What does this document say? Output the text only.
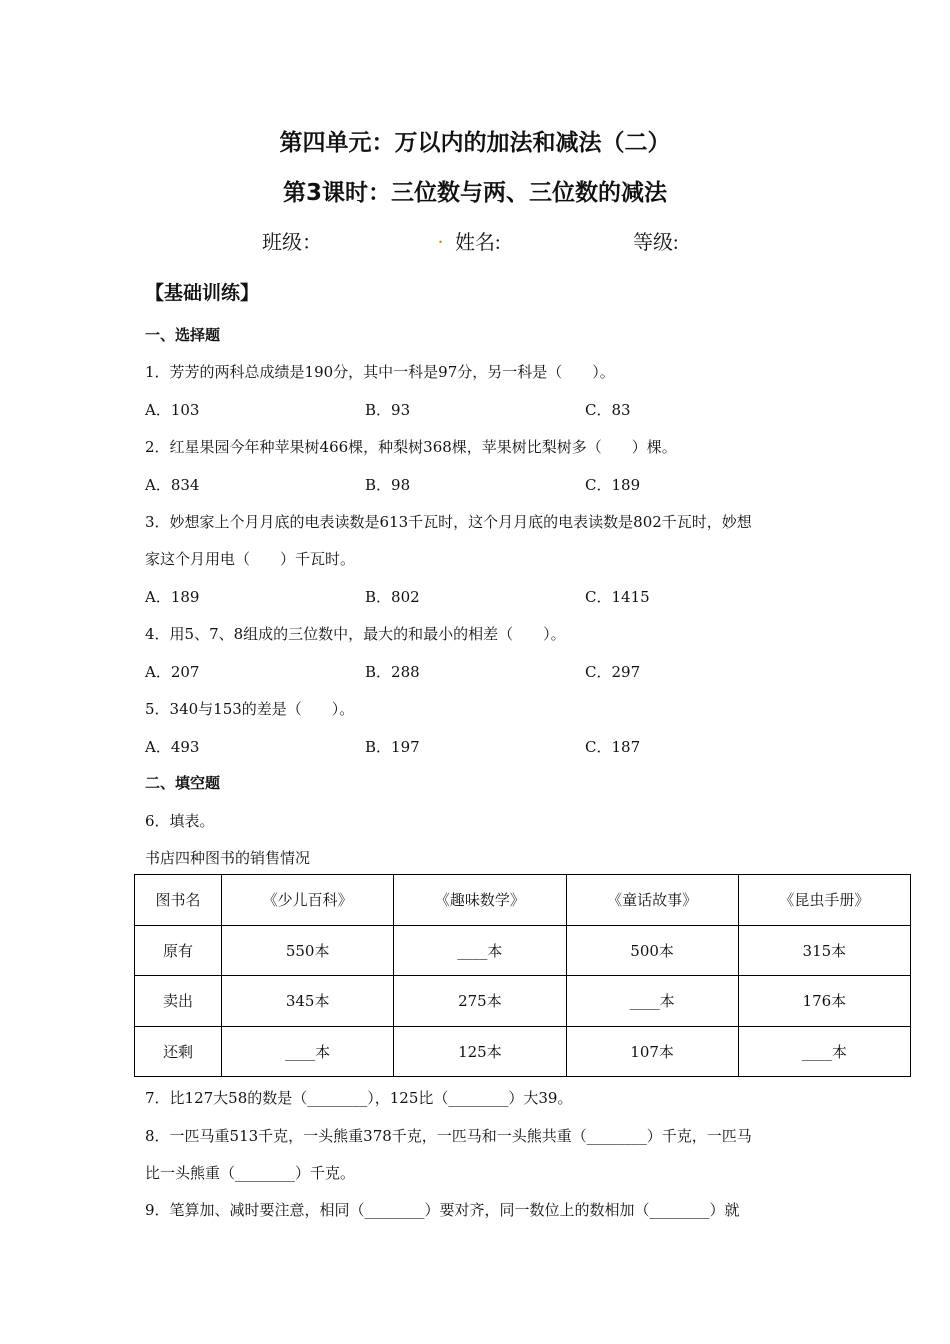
第四单元：万以内的加法和减法（二）
第3课时：三位数与两、三位数的减法
班级：	. 姓名:	等级:
【基础训练】
一、选择题
1．芳芳的两科总成绩是190分，其中一科是97分，另一科是（　　）。
A．103	B．93	C．83
2．红星果园今年种苹果树466棵，种梨树368棵，苹果树比梨树多（　　）棵。
A．834	B．98	C．189
3．妙想家上个月月底的电表读数是613千瓦时，这个月月底的电表读数是802千瓦时，妙想
家这个月用电（　　）千瓦时。
A．189	B．802	C．1415
4．用5、7、8组成的三位数中，最大的和最小的相差（　　）。
A．207	B．288	C．297
5．340与153的差是（　　）。
A．493	B．197	C．187
二、填空题
6．填表。
书店四种图书的销售情况
图书名	《少儿百科》	《趣味数学》	《童话故事》	《昆虫手册》
原有	550本	____本	500本	315本
卖出	345本	275本	____本	176本
还剩	____本	125本	107本	____本
7．比127大58的数是（________），125比（________）大39。
8．一匹马重513千克，一头熊重378千克，一匹马和一头熊共重（________）千克，一匹马
比一头熊重（________）千克。
9．笔算加、减时要注意，相同（________）要对齐，同一数位上的数相加（________）就
